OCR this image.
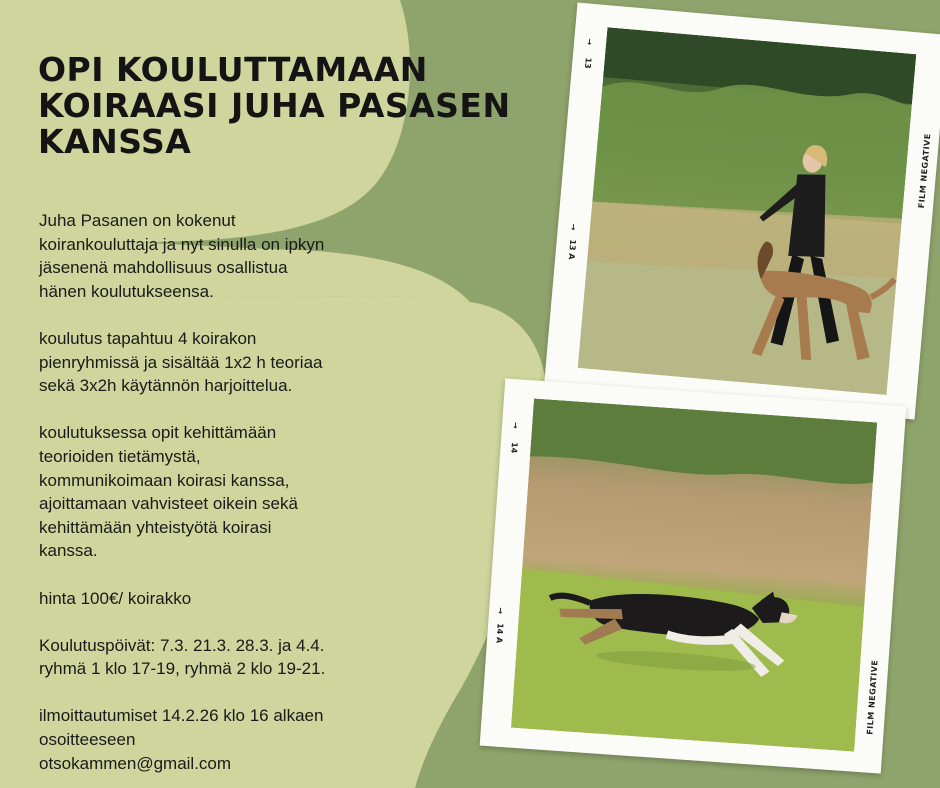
OPI KOULUTTAMAAN
KOIRAASI JUHA PASASEN
KANSSA

Juha Pasanen on kokenut
koirankouluttaja ja nyt sinulla on ipkyn
jäsenenä mahdollisuus osallistua
hänen koulutukseensa.

koulutus tapahtuu 4 koirakon
pienryhmissä ja sisältää 1x2 h teoriaa
sekä 3x2h käytännön harjoittelua.

koulutuksessa opit kehittämään
teorioiden tietämystä,
kommunikoimaan koirasi kanssa,
ajoittamaan vahvisteet oikein sekä
kehittämään yhteistyötä koirasi
kanssa.

hinta 100€/ koirakko

Koulutuspöivät: 7.3. 21.3. 28.3. ja 4.4.
ryhmä 1 klo 17-19, ryhmä 2 klo 19-21.

ilmoittautumiset 14.2.26 klo 16 alkaen
osoitteeseen
otsokammen@gmail.com

13
↓
13 A
↓
FILM NEGATIVE
14
↓
14 A
↓
FILM NEGATIVE
